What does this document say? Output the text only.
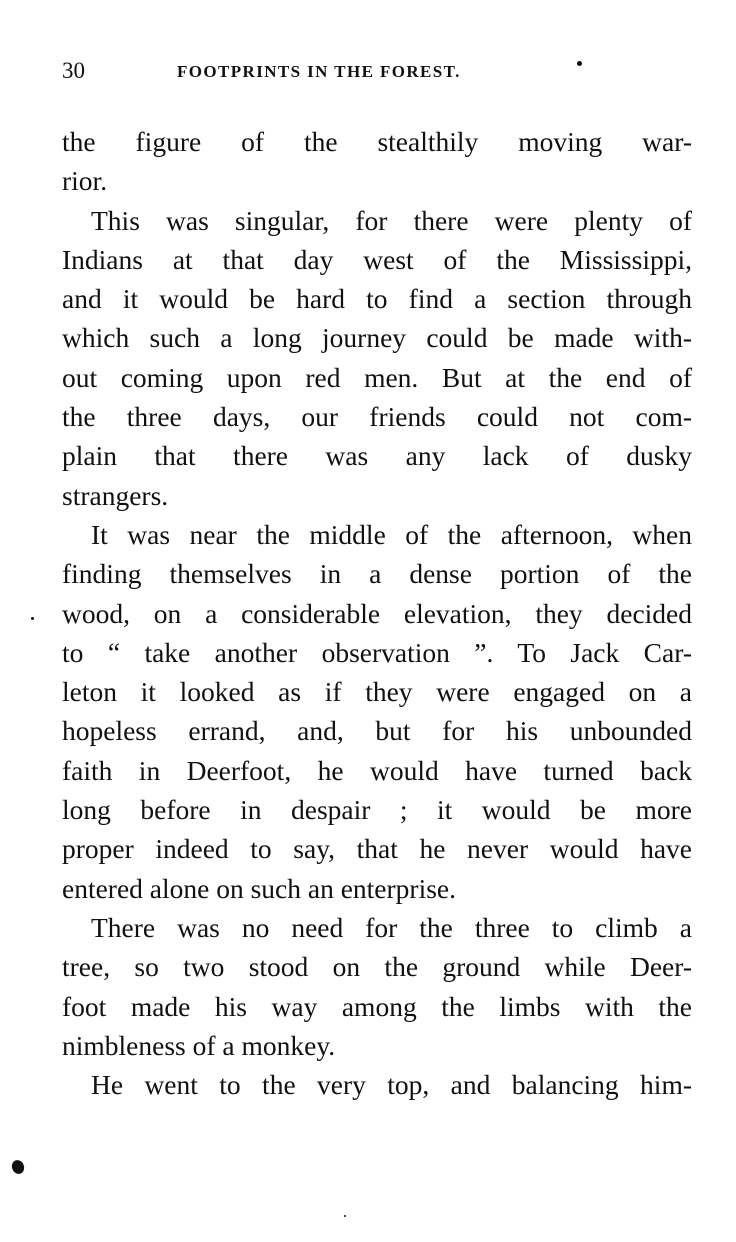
30	FOOTPRINTS IN THE FOREST.
the figure of the stealthily moving war-
rior.
This was singular, for there were plenty of
Indians at that day west of the Mississippi,
and it would be hard to find a section through
which such a long journey could be made with-
out coming upon red men. But at the end of
the three days, our friends could not com-
plain that there was any lack of dusky
strangers.
It was near the middle of the afternoon, when
finding themselves in a dense portion of the
wood, on a considerable elevation, they decided
to “ take another observation ”. To Jack Car-
leton it looked as if they were engaged on a
hopeless errand, and, but for his unbounded
faith in Deerfoot, he would have turned back
long before in despair ; it would be more
proper indeed to say, that he never would have
entered alone on such an enterprise.
There was no need for the three to climb a
tree, so two stood on the ground while Deer-
foot made his way among the limbs with the
nimbleness of a monkey.
He went to the very top, and balancing him-
